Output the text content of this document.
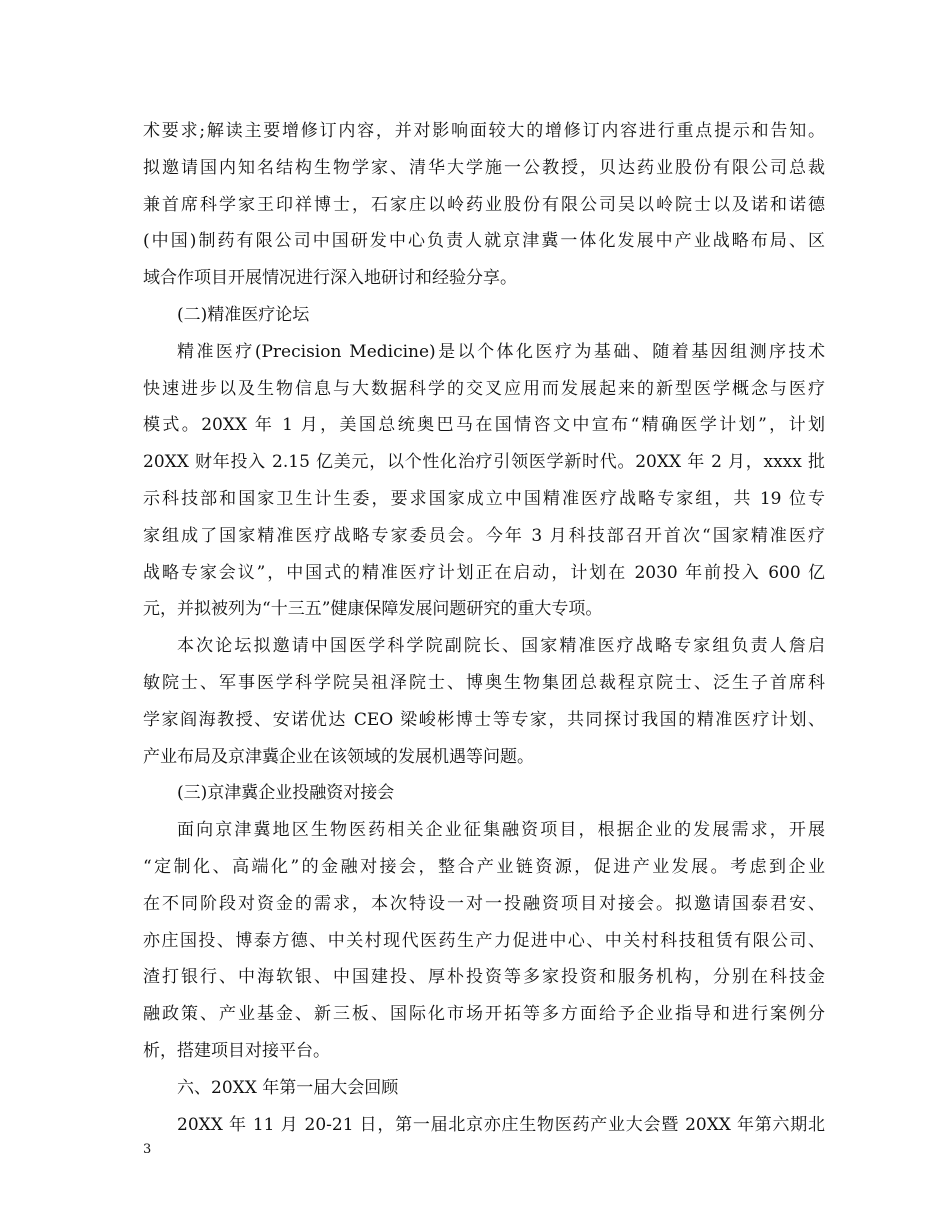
术要求;解读主要增修订内容，并对影响面较大的增修订内容进行重点提示和告知。
拟邀请国内知名结构生物学家、清华大学施一公教授，贝达药业股份有限公司总裁
兼首席科学家王印祥博士，石家庄以岭药业股份有限公司吴以岭院士以及诺和诺德
(中国)制药有限公司中国研发中心负责人就京津冀一体化发展中产业战略布局、区
域合作项目开展情况进行深入地研讨和经验分享。
(二)精准医疗论坛
精准医疗(Precision Medicine)是以个体化医疗为基础、随着基因组测序技术
快速进步以及生物信息与大数据科学的交叉应用而发展起来的新型医学概念与医疗
模式。20XX 年 1 月，美国总统奥巴马在国情咨文中宣布“精确医学计划”，计划
20XX 财年投入 2.15 亿美元，以个性化治疗引领医学新时代。20XX 年 2 月，xxxx 批
示科技部和国家卫生计生委，要求国家成立中国精准医疗战略专家组，共 19 位专
家组成了国家精准医疗战略专家委员会。今年 3 月科技部召开首次“国家精准医疗
战略专家会议”，中国式的精准医疗计划正在启动，计划在 2030 年前投入 600 亿
元，并拟被列为“十三五”健康保障发展问题研究的重大专项。
本次论坛拟邀请中国医学科学院副院长、国家精准医疗战略专家组负责人詹启
敏院士、军事医学科学院吴祖泽院士、博奥生物集团总裁程京院士、泛生子首席科
学家阎海教授、安诺优达 CEO 梁峻彬博士等专家，共同探讨我国的精准医疗计划、
产业布局及京津冀企业在该领域的发展机遇等问题。
(三)京津冀企业投融资对接会
面向京津冀地区生物医药相关企业征集融资项目，根据企业的发展需求，开展
“定制化、高端化”的金融对接会，整合产业链资源，促进产业发展。考虑到企业
在不同阶段对资金的需求，本次特设一对一投融资项目对接会。拟邀请国泰君安、
亦庄国投、博泰方德、中关村现代医药生产力促进中心、中关村科技租赁有限公司、
渣打银行、中海软银、中国建投、厚朴投资等多家投资和服务机构，分别在科技金
融政策、产业基金、新三板、国际化市场开拓等多方面给予企业指导和进行案例分
析，搭建项目对接平台。
六、20XX 年第一届大会回顾
20XX 年 11 月 20-21 日，第一届北京亦庄生物医药产业大会暨 20XX 年第六期北
3
